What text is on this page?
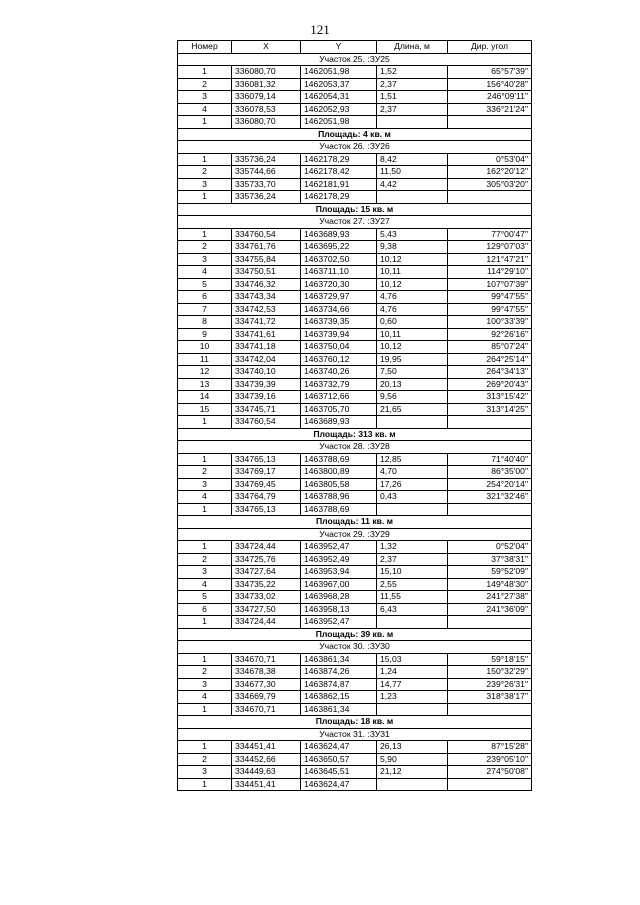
121
Номер	X	Y	Длина, м	Дир. угол
Участок 25. :ЗУ25				
1	336080,70	1462051,98	1,52	65°57'39"
2	336081,32	1462053,37	2,37	156°40'28"
3	336079,14	1462054,31	1,51	246°09'11"
4	336078,53	1462052,93	2,37	336°21'24"
1	336080,70	1462051,98		
Площадь: 4 кв. м				
Участок 26. :ЗУ26				
1	335736,24	1462178,29	8,42	0°53'04"
2	335744,66	1462178,42	11,50	162°20'12"
3	335733,70	1462181,91	4,42	305°03'20"
1	335736,24	1462178,29		
Площадь: 15 кв. м				
Участок 27. :ЗУ27				
1	334760,54	1463689,93	5,43	77°00'47"
2	334761,76	1463695,22	9,38	129°07'03"
3	334755,84	1463702,50	10,12	121°47'21"
4	334750,51	1463711,10	10,11	114°29'10"
5	334746,32	1463720,30	10,12	107°07'39"
6	334743,34	1463729,97	4,76	99°47'55"
7	334742,53	1463734,66	4,76	99°47'55"
8	334741,72	1463739,35	0,60	100°33'39"
9	334741,61	1463739,94	10,11	92°26'16"
10	334741,18	1463750,04	10,12	85°07'24"
11	334742,04	1463760,12	19,95	264°25'14"
12	334740,10	1463740,26	7,50	264°34'13"
13	334739,39	1463732,79	20,13	269°20'43"
14	334739,16	1463712,66	9,56	313°15'42"
15	334745,71	1463705,70	21,65	313°14'25"
1	334760,54	1463689,93		
Площадь: 313 кв. м				
Участок 28. :ЗУ28				
1	334765,13	1463788,69	12,85	71°40'40"
2	334769,17	1463800,89	4,70	86°35'00"
3	334769,45	1463805,58	17,26	254°20'14"
4	334764,79	1463788,96	0,43	321°32'46"
1	334765,13	1463788,69		
Площадь: 11 кв. м				
Участок 29. :ЗУ29				
1	334724,44	1463952,47	1,32	0°52'04"
2	334725,76	1463952,49	2,37	37°38'31"
3	334727,64	1463953,94	15,10	59°52'09"
4	334735,22	1463967,00	2,55	149°48'30"
5	334733,02	1463968,28	11,55	241°27'38"
6	334727,50	1463958,13	6,43	241°36'09"
1	334724,44	1463952,47		
Площадь: 39 кв. м				
Участок 30. :ЗУ30				
1	334670,71	1463861,34	15,03	59°18'15"
2	334678,38	1463874,26	1,24	150°32'29"
3	334677,30	1463874,87	14,77	239°26'31"
4	334669,79	1463862,15	1,23	318°38'17"
1	334670,71	1463861,34		
Площадь: 18 кв. м				
Участок 31. :ЗУ31				
1	334451,41	1463624,47	26,13	87°15'28"
2	334452,66	1463650,57	5,90	239°05'10"
3	334449,63	1463645,51	21,12	274°50'08"
1	334451,41	1463624,47		
